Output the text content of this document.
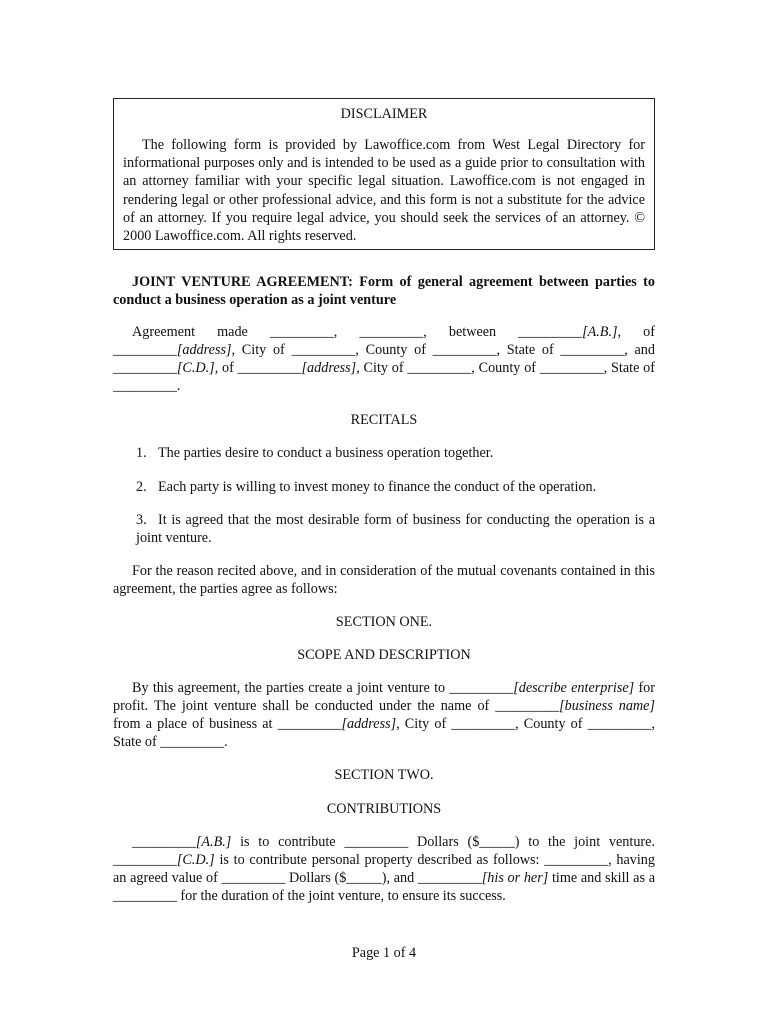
DISCLAIMER
The following form is provided by Lawoffice.com from West Legal Directory for informational purposes only and is intended to be used as a guide prior to consultation with an attorney familiar with your specific legal situation. Lawoffice.com is not engaged in rendering legal or other professional advice, and this form is not a substitute for the advice of an attorney. If you require legal advice, you should seek the services of an attorney. © 2000 Lawoffice.com. All rights reserved.
JOINT VENTURE AGREEMENT: Form of general agreement between parties to conduct a business operation as a joint venture
Agreement made _________, _________, between _________[A.B.], of _________[address], City of _________, County of _________, State of _________, and _________[C.D.], of _________[address], City of _________, County of _________, State of _________.
RECITALS
1. The parties desire to conduct a business operation together.
2. Each party is willing to invest money to finance the conduct of the operation.
3. It is agreed that the most desirable form of business for conducting the operation is a joint venture.
For the reason recited above, and in consideration of the mutual covenants contained in this agreement, the parties agree as follows:
SECTION ONE.
SCOPE AND DESCRIPTION
By this agreement, the parties create a joint venture to _________[describe enterprise] for profit. The joint venture shall be conducted under the name of _________[business name] from a place of business at _________[address], City of _________, County of _________, State of _________.
SECTION TWO.
CONTRIBUTIONS
_________[A.B.] is to contribute _________ Dollars ($_____) to the joint venture. _________[C.D.] is to contribute personal property described as follows: _________, having an agreed value of _________ Dollars ($_____), and _________[his or her] time and skill as a _________ for the duration of the joint venture, to ensure its success.
Page 1 of 4
